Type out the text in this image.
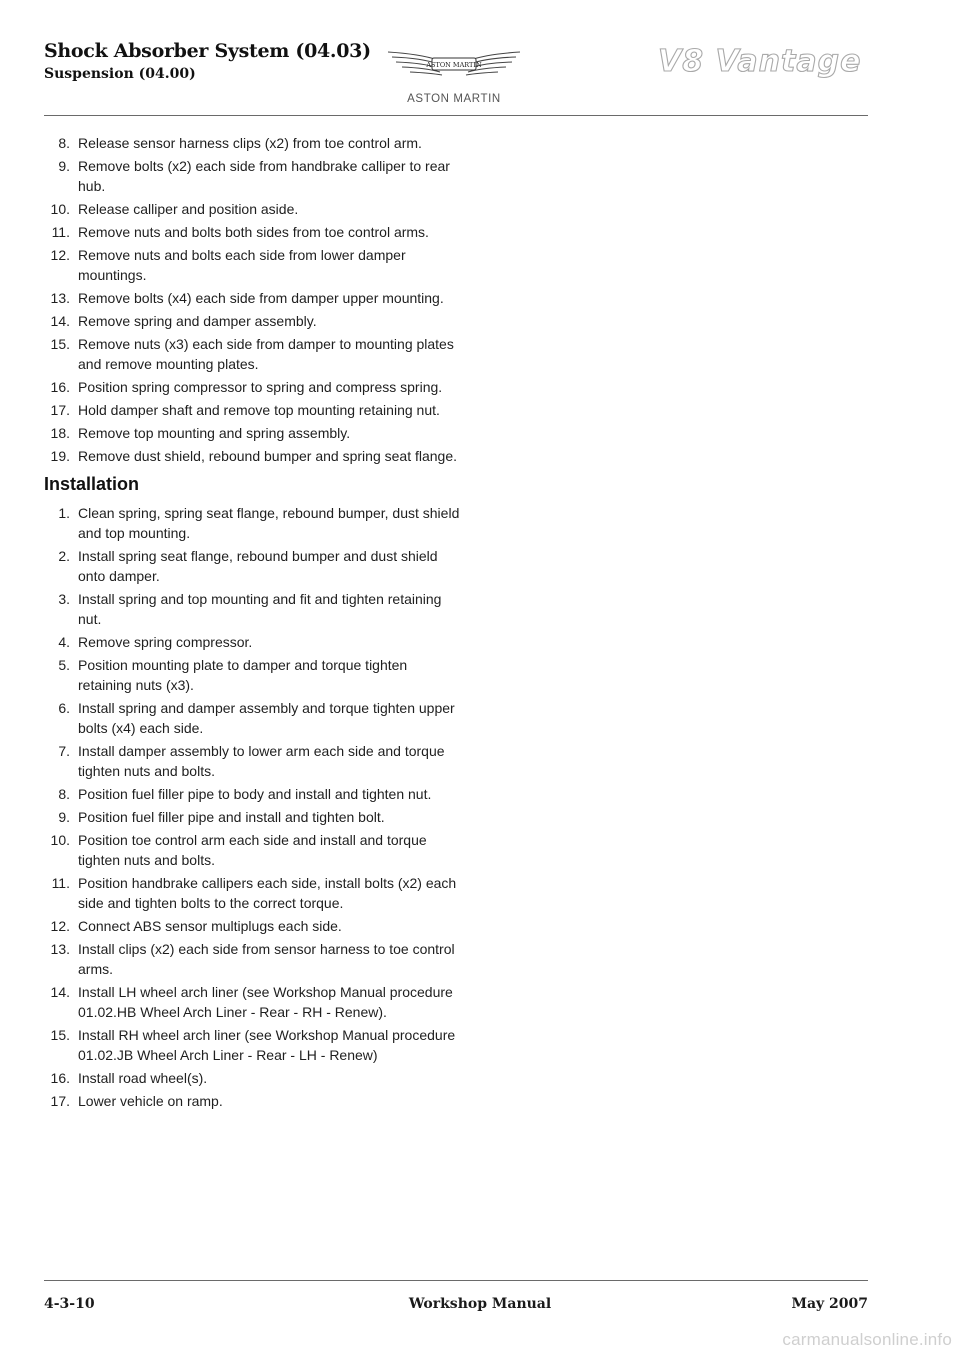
Shock Absorber System (04.03)
Suspension (04.00)
ASTON MARTIN
ASTON MARTIN
V8 Vantage
8. Release sensor harness clips (x2) from toe control arm.
9. Remove bolts (x2) each side from handbrake calliper to rear hub.
10. Release calliper and position aside.
11. Remove nuts and bolts both sides from toe control arms.
12. Remove nuts and bolts each side from lower damper mountings.
13. Remove bolts (x4) each side from damper upper mounting.
14. Remove spring and damper assembly.
15. Remove nuts (x3) each side from damper to mounting plates and remove mounting plates.
16. Position spring compressor to spring and compress spring.
17. Hold damper shaft and remove top mounting retaining nut.
18. Remove top mounting and spring assembly.
19. Remove dust shield, rebound bumper and spring seat flange.
Installation
1. Clean spring, spring seat flange, rebound bumper, dust shield and top mounting.
2. Install spring seat flange, rebound bumper and dust shield onto damper.
3. Install spring and top mounting and fit and tighten retaining nut.
4. Remove spring compressor.
5. Position mounting plate to damper and torque tighten retaining nuts (x3).
6. Install spring and damper assembly and torque tighten upper bolts (x4) each side.
7. Install damper assembly to lower arm each side and torque tighten nuts and bolts.
8. Position fuel filler pipe to body and install and tighten nut.
9. Position fuel filler pipe and install and tighten bolt.
10. Position toe control arm each side and install and torque tighten nuts and bolts.
11. Position handbrake callipers each side, install bolts (x2) each side and tighten bolts to the correct torque.
12. Connect ABS sensor multiplugs each side.
13. Install clips (x2) each side from sensor harness to toe control arms.
14. Install LH wheel arch liner (see Workshop Manual procedure 01.02.HB Wheel Arch Liner - Rear - RH - Renew).
15. Install RH wheel arch liner (see Workshop Manual procedure 01.02.JB Wheel Arch Liner - Rear - LH - Renew)
16. Install road wheel(s).
17. Lower vehicle on ramp.
4-3-10	Workshop Manual	May 2007
carmanualsonline.info
